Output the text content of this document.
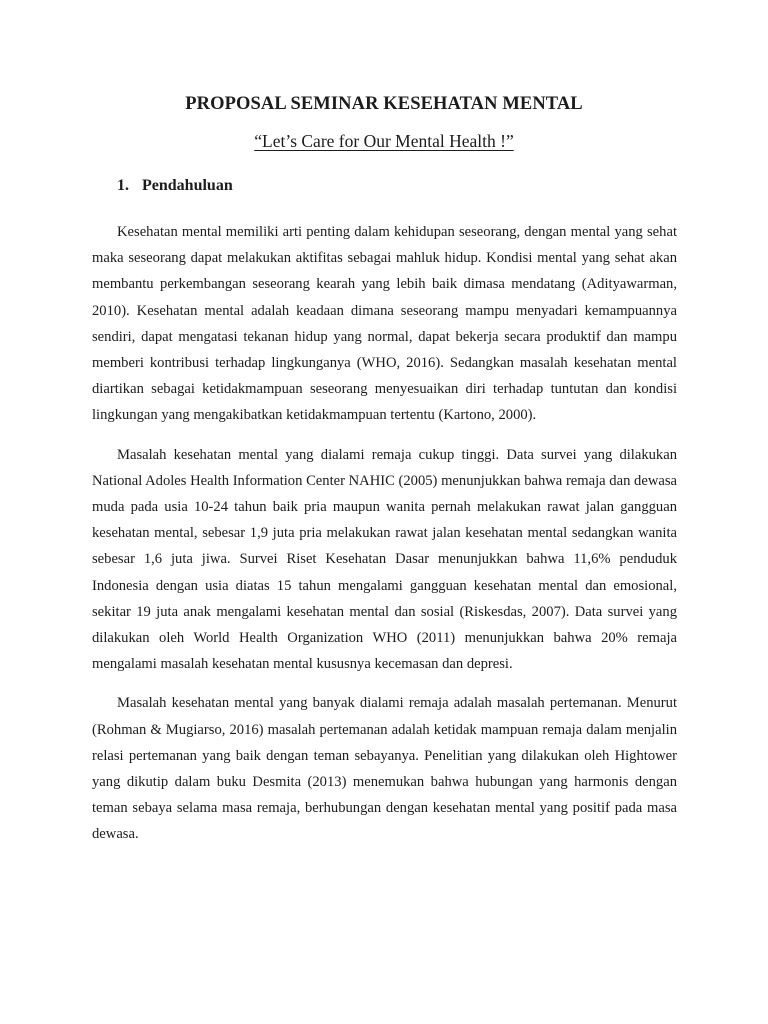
PROPOSAL SEMINAR KESEHATAN MENTAL
“Let’s Care for Our Mental Health !”
1. Pendahuluan

Kesehatan mental memiliki arti penting dalam kehidupan seseorang, dengan mental yang sehat maka seseorang dapat melakukan aktifitas sebagai mahluk hidup. Kondisi mental yang sehat akan membantu perkembangan seseorang kearah yang lebih baik dimasa mendatang (Adityawarman, 2010). Kesehatan mental adalah keadaan dimana seseorang mampu menyadari kemampuannya sendiri, dapat mengatasi tekanan hidup yang normal, dapat bekerja secara produktif dan mampu memberi kontribusi terhadap lingkunganya (WHO, 2016). Sedangkan masalah kesehatan mental diartikan sebagai ketidakmampuan seseorang menyesuaikan diri terhadap tuntutan dan kondisi lingkungan yang mengakibatkan ketidakmampuan tertentu (Kartono, 2000).

Masalah kesehatan mental yang dialami remaja cukup tinggi. Data survei yang dilakukan National Adoles Health Information Center NAHIC (2005) menunjukkan bahwa remaja dan dewasa muda pada usia 10-24 tahun baik pria maupun wanita pernah melakukan rawat jalan gangguan kesehatan mental, sebesar 1,9 juta pria melakukan rawat jalan kesehatan mental sedangkan wanita sebesar 1,6 juta jiwa. Survei Riset Kesehatan Dasar menunjukkan bahwa 11,6% penduduk Indonesia dengan usia diatas 15 tahun mengalami gangguan kesehatan mental dan emosional, sekitar 19 juta anak mengalami kesehatan mental dan sosial (Riskesdas, 2007). Data survei yang dilakukan oleh World Health Organization WHO (2011) menunjukkan bahwa 20% remaja mengalami masalah kesehatan mental kususnya kecemasan dan depresi.

Masalah kesehatan mental yang banyak dialami remaja adalah masalah pertemanan. Menurut (Rohman & Mugiarso, 2016) masalah pertemanan adalah ketidak mampuan remaja dalam menjalin relasi pertemanan yang baik dengan teman sebayanya. Penelitian yang dilakukan oleh Hightower yang dikutip dalam buku Desmita (2013) menemukan bahwa hubungan yang harmonis dengan teman sebaya selama masa remaja, berhubungan dengan kesehatan mental yang positif pada masa dewasa.
